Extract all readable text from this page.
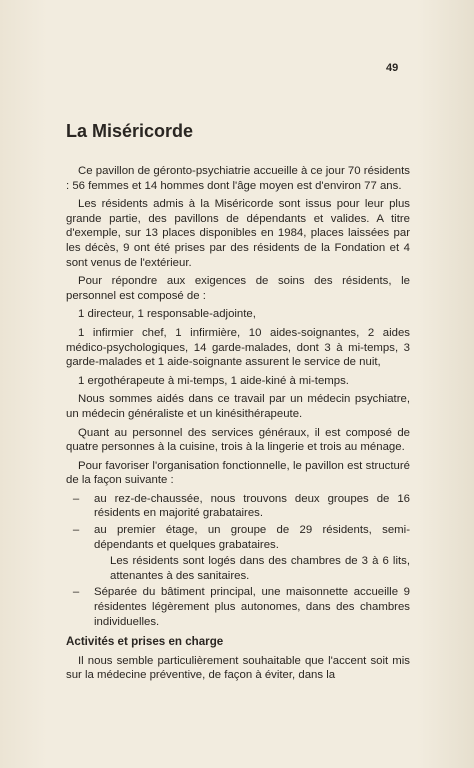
49
La Miséricorde

Ce pavillon de géronto-psychiatrie accueille à ce jour 70 résidents : 56 femmes et 14 hommes dont l'âge moyen est d'environ 77 ans.

Les résidents admis à la Miséricorde sont issus pour leur plus grande partie, des pavillons de dépendants et valides. A titre d'exemple, sur 13 places disponibles en 1984, places laissées par les décès, 9 ont été prises par des résidents de la Fondation et 4 sont venus de l'extérieur.

Pour répondre aux exigences de soins des résidents, le personnel est composé de :

1 directeur, 1 responsable-adjointe,

1 infirmier chef, 1 infirmière, 10 aides-soignantes, 2 aides médico-psychologiques, 14 garde-malades, dont 3 à mi-temps, 3 garde-malades et 1 aide-soignante assurent le service de nuit,

1 ergothérapeute à mi-temps, 1 aide-kiné à mi-temps.

Nous sommes aidés dans ce travail par un médecin psychiatre, un médecin généraliste et un kinésithérapeute.

Quant au personnel des services généraux, il est composé de quatre personnes à la cuisine, trois à la lingerie et trois au ménage.

Pour favoriser l'organisation fonctionnelle, le pavillon est structuré de la façon suivante :

–	au rez-de-chaussée, nous trouvons deux groupes de 16 résidents en majorité grabataires.

–	au premier étage, un groupe de 29 résidents, semi-dépendants et quelques grabataires.

Les résidents sont logés dans des chambres de 3 à 6 lits, attenantes à des sanitaires.

–	Séparée du bâtiment principal, une maisonnette accueille 9 résidentes légèrement plus autonomes, dans des chambres individuelles.

Activités et prises en charge

Il nous semble particulièrement souhaitable que l'accent soit mis sur la médecine préventive, de façon à éviter, dans la
